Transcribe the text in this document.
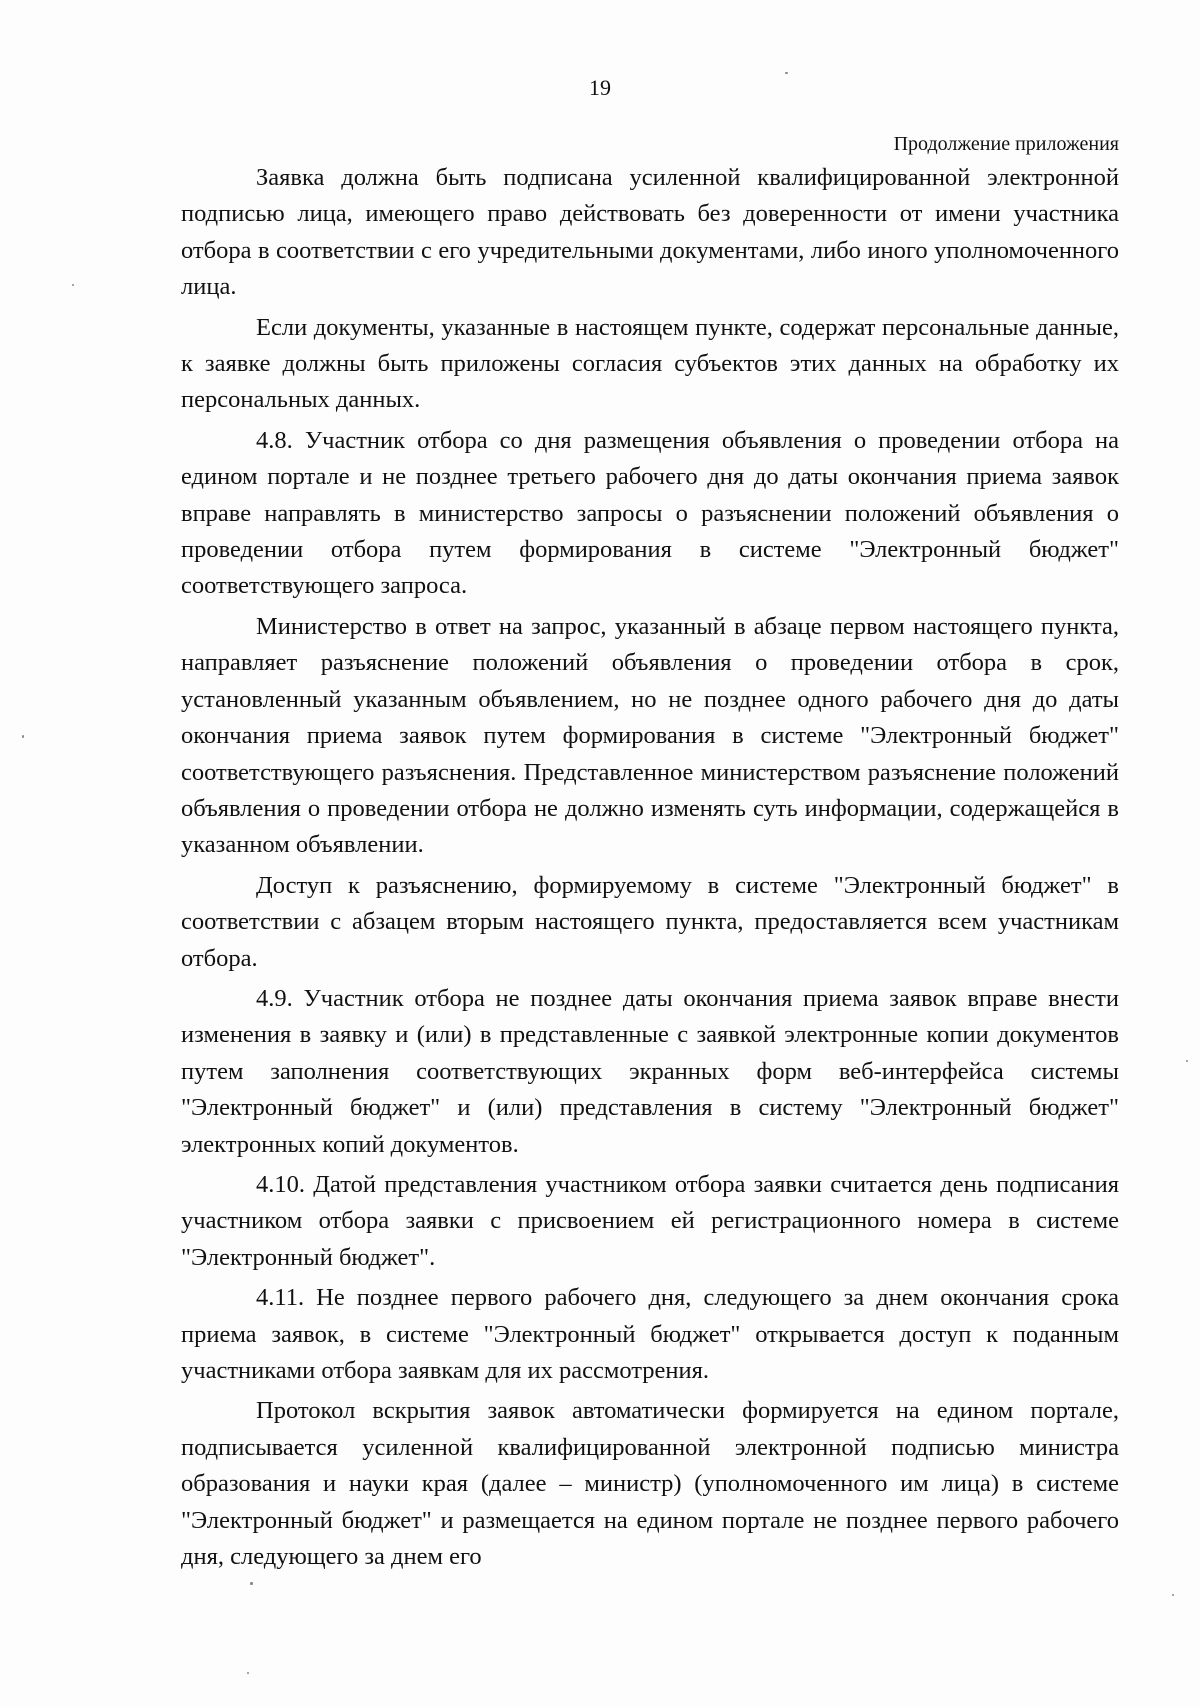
19
Продолжение приложения

Заявка должна быть подписана усиленной квалифицированной электронной подписью лица, имеющего право действовать без доверенности от имени участника отбора в соответствии с его учредительными документами, либо иного уполномоченного лица.

Если документы, указанные в настоящем пункте, содержат персональные данные, к заявке должны быть приложены согласия субъектов этих данных на обработку их персональных данных.

4.8. Участник отбора со дня размещения объявления о проведении отбора на едином портале и не позднее третьего рабочего дня до даты окончания приема заявок вправе направлять в министерство запросы о разъяснении положений объявления о проведении отбора путем формирования в системе "Электронный бюджет" соответствующего запроса.

Министерство в ответ на запрос, указанный в абзаце первом настоящего пункта, направляет разъяснение положений объявления о проведении отбора в срок, установленный указанным объявлением, но не позднее одного рабочего дня до даты окончания приема заявок путем формирования в системе "Электронный бюджет" соответствующего разъяснения. Представленное министерством разъяснение положений объявления о проведении отбора не должно изменять суть информации, содержащейся в указанном объявлении.

Доступ к разъяснению, формируемому в системе "Электронный бюджет" в соответствии с абзацем вторым настоящего пункта, предоставляется всем участникам отбора.

4.9. Участник отбора не позднее даты окончания приема заявок вправе внести изменения в заявку и (или) в представленные с заявкой электронные копии документов путем заполнения соответствующих экранных форм веб-интерфейса системы "Электронный бюджет" и (или) представления в систему "Электронный бюджет" электронных копий документов.

4.10. Датой представления участником отбора заявки считается день подписания участником отбора заявки с присвоением ей регистрационного номера в системе "Электронный бюджет".

4.11. Не позднее первого рабочего дня, следующего за днем окончания срока приема заявок, в системе "Электронный бюджет" открывается доступ к поданным участниками отбора заявкам для их рассмотрения.

Протокол вскрытия заявок автоматически формируется на едином портале, подписывается усиленной квалифицированной электронной подписью министра образования и науки края (далее – министр) (уполномоченного им лица) в системе "Электронный бюджет" и размещается на едином портале не позднее первого рабочего дня, следующего за днем его
